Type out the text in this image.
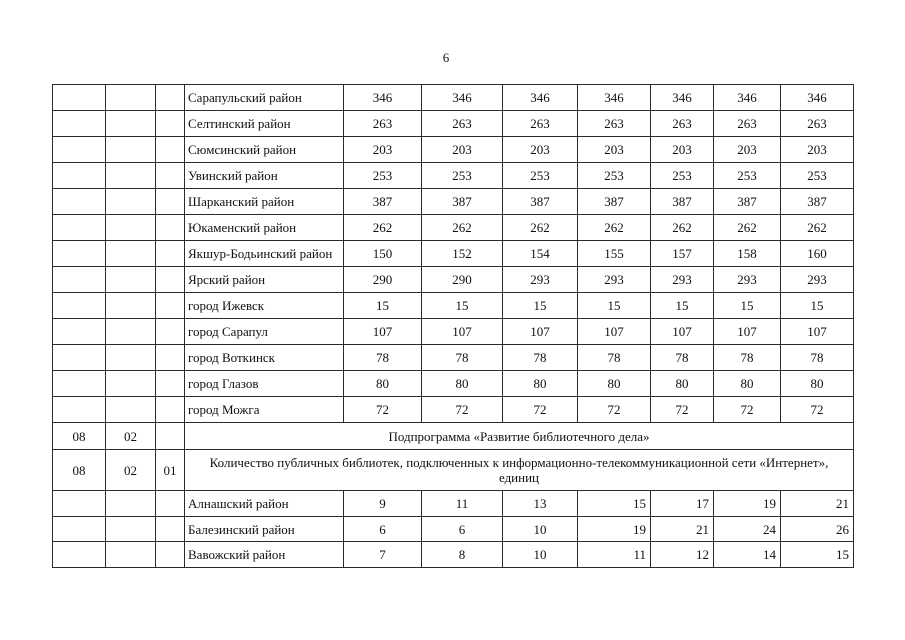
6
			Сарапульский район	346	346	346	346	346	346	346
			Селтинский район	263	263	263	263	263	263	263
			Сюмсинский район	203	203	203	203	203	203	203
			Увинский район	253	253	253	253	253	253	253
			Шарканский район	387	387	387	387	387	387	387
			Юкаменский район	262	262	262	262	262	262	262
			Якшур-Бодьинский район	150	152	154	155	157	158	160
			Ярский район	290	290	293	293	293	293	293
			город Ижевск	15	15	15	15	15	15	15
			город Сарапул	107	107	107	107	107	107	107
			город Воткинск	78	78	78	78	78	78	78
			город Глазов	80	80	80	80	80	80	80
			город Можга	72	72	72	72	72	72	72
08	02		Подпрограмма «Развитие библиотечного дела»							
08	02	01	Количество публичных библиотек, подключенных к информационно-телекоммуникационной сети «Интернет»,
единиц							

			Алнашский район	9	11	13	15	17	19	21
			Балезинский район	6	6	10	19	21	24	26
			Вавожский район	7	8	10	11	12	14	15
